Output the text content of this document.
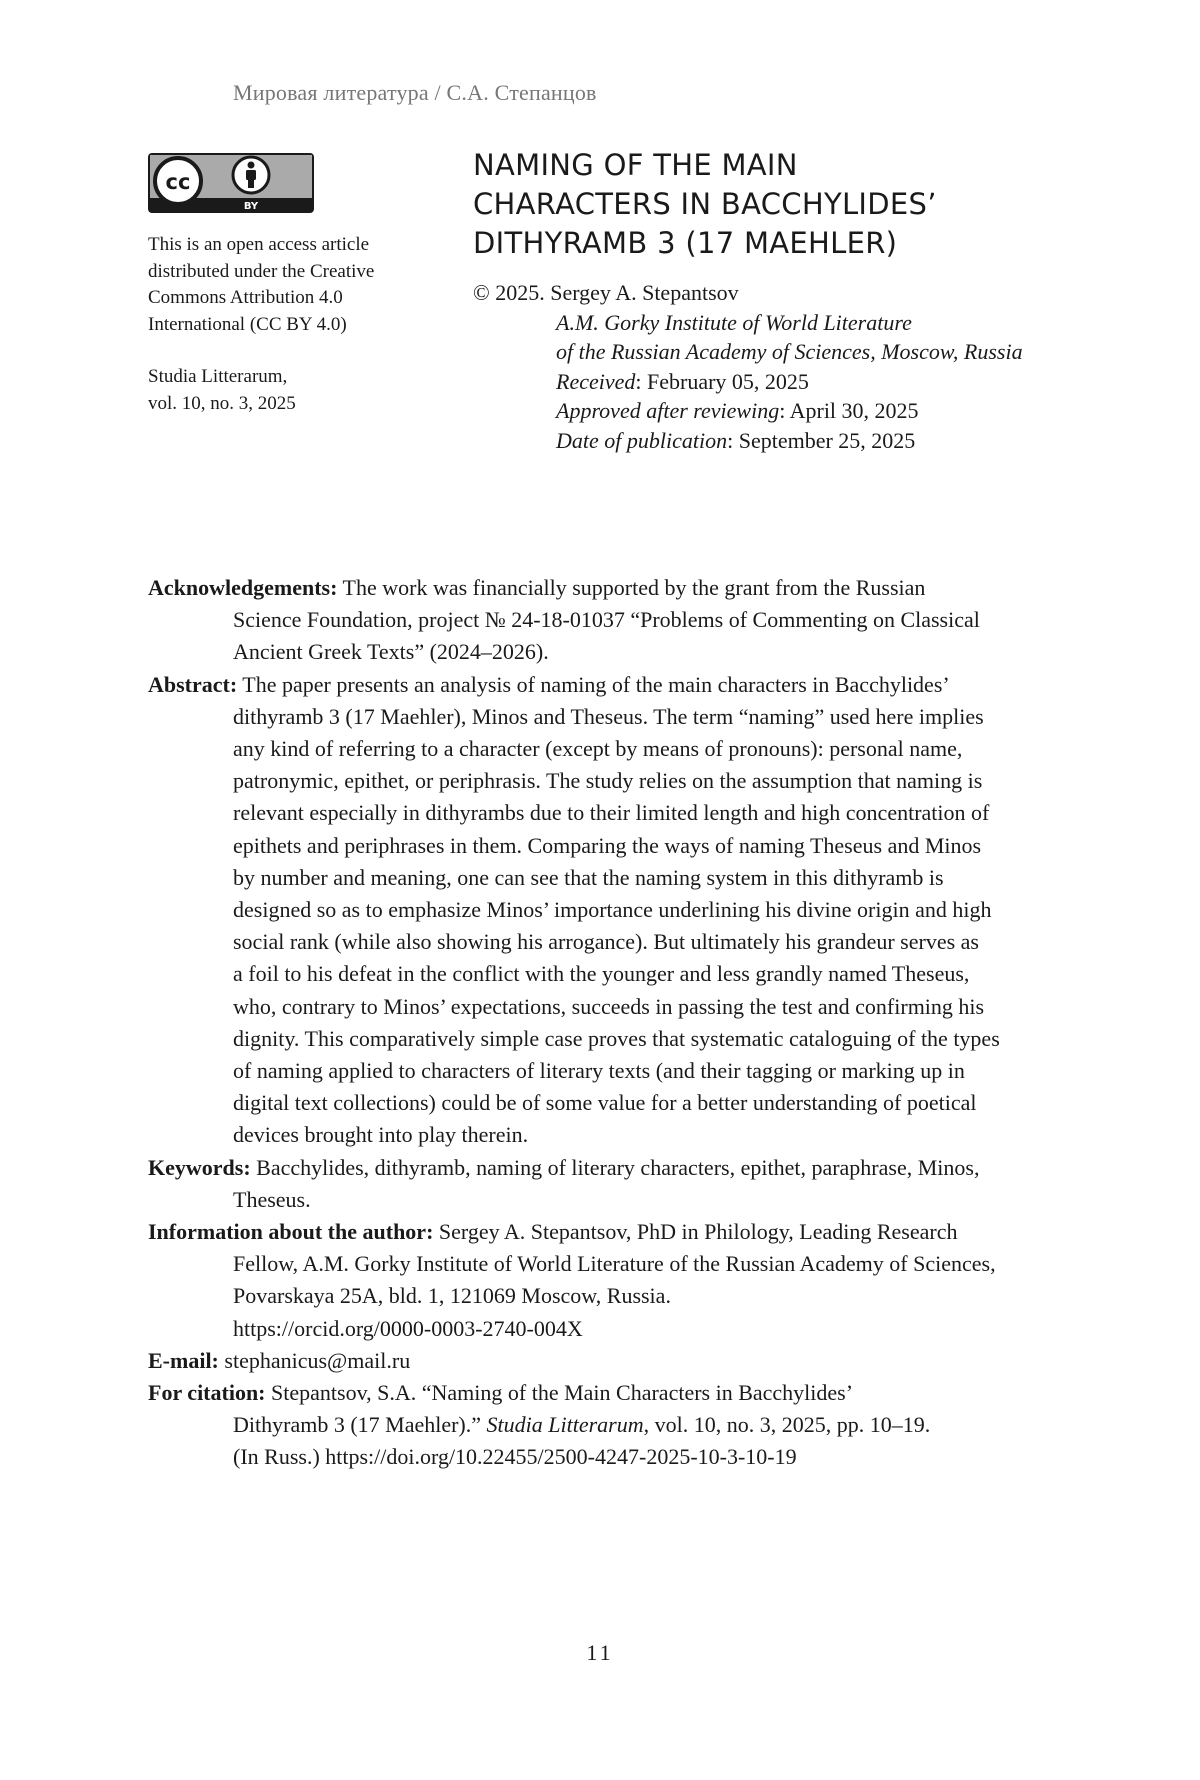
Мировая литература / С.А. Степанцов
cc
BY
This is an open access article
distributed under the Creative
Commons Attribution 4.0
International (CC BY 4.0)
Studia Litterarum,
vol. 10, no. 3, 2025
NAMING OF THE MAIN
CHARACTERS IN BACCHYLIDES’
DITHYRAMB 3 (17 MAEHLER)
© 2025. Sergey A. Stepantsov
A.M. Gorky Institute of World Literature
of the Russian Academy of Sciences, Moscow, Russia
Received: February 05, 2025
Approved after reviewing: April 30, 2025
Date of publication: September 25, 2025

Acknowledgements: The work was financially supported by the grant from the Russian
Science Foundation, project № 24-18-01037 “Problems of Commenting on Classical
Ancient Greek Texts” (2024–2026).

Abstract: The paper presents an analysis of naming of the main characters in Bacchylides’
dithyramb 3 (17 Maehler), Minos and Theseus. The term “naming” used here implies
any kind of referring to a character (except by means of pronouns): personal name,
patronymic, epithet, or periphrasis. The study relies on the assumption that naming is
relevant especially in dithyrambs due to their limited length and high concentration of
epithets and periphrases in them. Comparing the ways of naming Theseus and Minos
by number and meaning, one can see that the naming system in this dithyramb is
designed so as to emphasize Minos’ importance underlining his divine origin and high
social rank (while also showing his arrogance). But ultimately his grandeur serves as
a foil to his defeat in the conflict with the younger and less grandly named Theseus,
who, contrary to Minos’ expectations, succeeds in passing the test and confirming his
dignity. This comparatively simple case proves that systematic cataloguing of the types
of naming applied to characters of literary texts (and their tagging or marking up in
digital text collections) could be of some value for a better understanding of poetical
devices brought into play therein.

Keywords: Bacchylides, dithyramb, naming of literary characters, epithet, paraphrase, Minos,
Theseus.

Information about the author: Sergey A. Stepantsov, PhD in Philology, Leading Research
Fellow, A.M. Gorky Institute of World Literature of the Russian Academy of Sciences,
Povarskaya 25A, bld. 1, 121069 Moscow, Russia.
https://orcid.org/0000-0003-2740-004X

E-mail: stephanicus@mail.ru

For citation: Stepantsov, S.A. “Naming of the Main Characters in Bacchylides’
Dithyramb 3 (17 Maehler).” Studia Litterarum, vol. 10, no. 3, 2025, pp. 10–19.
(In Russ.) https://doi.org/10.22455/2500-4247-2025-10-3-10-19

11
